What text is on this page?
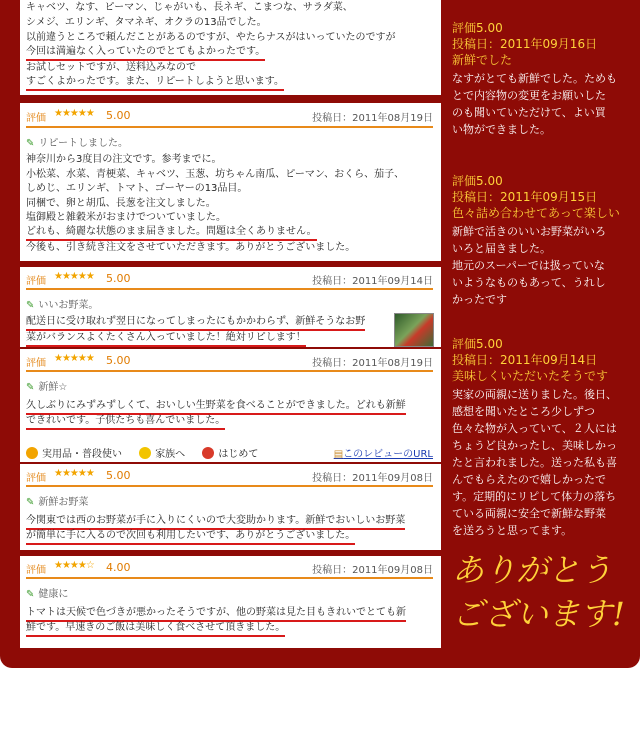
キャベツ、なす、ピーマン、じゃがいも、長ネギ、こまつな、サラダ菜、
シメジ、エリンギ、タマネギ、オクラの13品でした。
以前違うところで頼んだことがあるのですが、やたらナスがはいっていたのですが
今回は満遍なく入っていたのでとてもよかったです。
お試しセットですが、送料込みなので
すごくよかったです。また、リピートしようと思います。
評価 ★★★★★ 5.00	投稿日：2011年08月19日
✎ リピートしました。
神奈川から3度目の注文です。参考までに。
小松菜、水菜、青梗菜、キャベツ、玉葱、坊ちゃん南瓜、ピーマン、おくら、茄子、
しめじ、エリンギ、トマト、ゴーヤーの13品目。
同梱で、卵と胡瓜、長葱を注文しました。
塩御殿と雑穀米がおまけでついていました。
どれも、綺麗な状態のまま届きました。問題は全くありません。
今後も、引き続き注文をさせていただきます。ありがとうございました。
評価 ★★★★★ 5.00	投稿日：2011年09月14日
✎ いいお野菜。
配送日に受け取れず翌日になってしまったにもかかわらず、新鮮そうなお野
菜がバランスよくたくさん入っていました！絶対リピします！
評価 ★★★★★ 5.00	投稿日：2011年08月19日
✎ 新鮮☆
久しぶりにみずみずしくて、おいしい生野菜を食べることができました。どれも新鮮
できれいです。子供たちも喜んでいました。
実用品・普段使い	家族へ	はじめて	▤このレビューのURL
評価 ★★★★★ 5.00	投稿日：2011年09月08日
✎ 新鮮お野菜
今関東では西のお野菜が手に入りにくいので大変助かります。新鮮でおいしいお野菜
が簡単に手に入るので次回も利用したいです、ありがとうございました。
評価 ★★★★☆ 4.00	投稿日：2011年09月08日
✎ 健康に
トマトは天候で色づきが悪かったそうですが、他の野菜は見た目もきれいでとても新
鮮です。早速きのご飯は美味しく食べさせて頂きました。
評価5.00
投稿日：2011年09月16日
新鮮でした
なすがとても新鮮でした。ためも
とで内容物の変更をお願いした
のも聞いていただけて、よい買
い物ができました。
評価5.00
投稿日：2011年09月15日
色々詰め合わせてあって楽しい
新鮮で活きのいいお野菜がいろ
いろと届きました。
地元のスーパーでは扱っていな
いようなものもあって、うれし
かったです
評価5.00
投稿日：2011年09月14日
美味しくいただいたそうです
実家の両親に送りました。後日、
感想を聞いたところ少しずつ
色々な物が入っていて、２人には
ちょうど良かったし、美味しかっ
たと言われました。送った私も喜
んでもらえたので嬉しかったで
す。定期的にリピして体力の落ち
ている両親に安全で新鮮な野菜
を送ろうと思ってます。
ありがとう
ございます!
